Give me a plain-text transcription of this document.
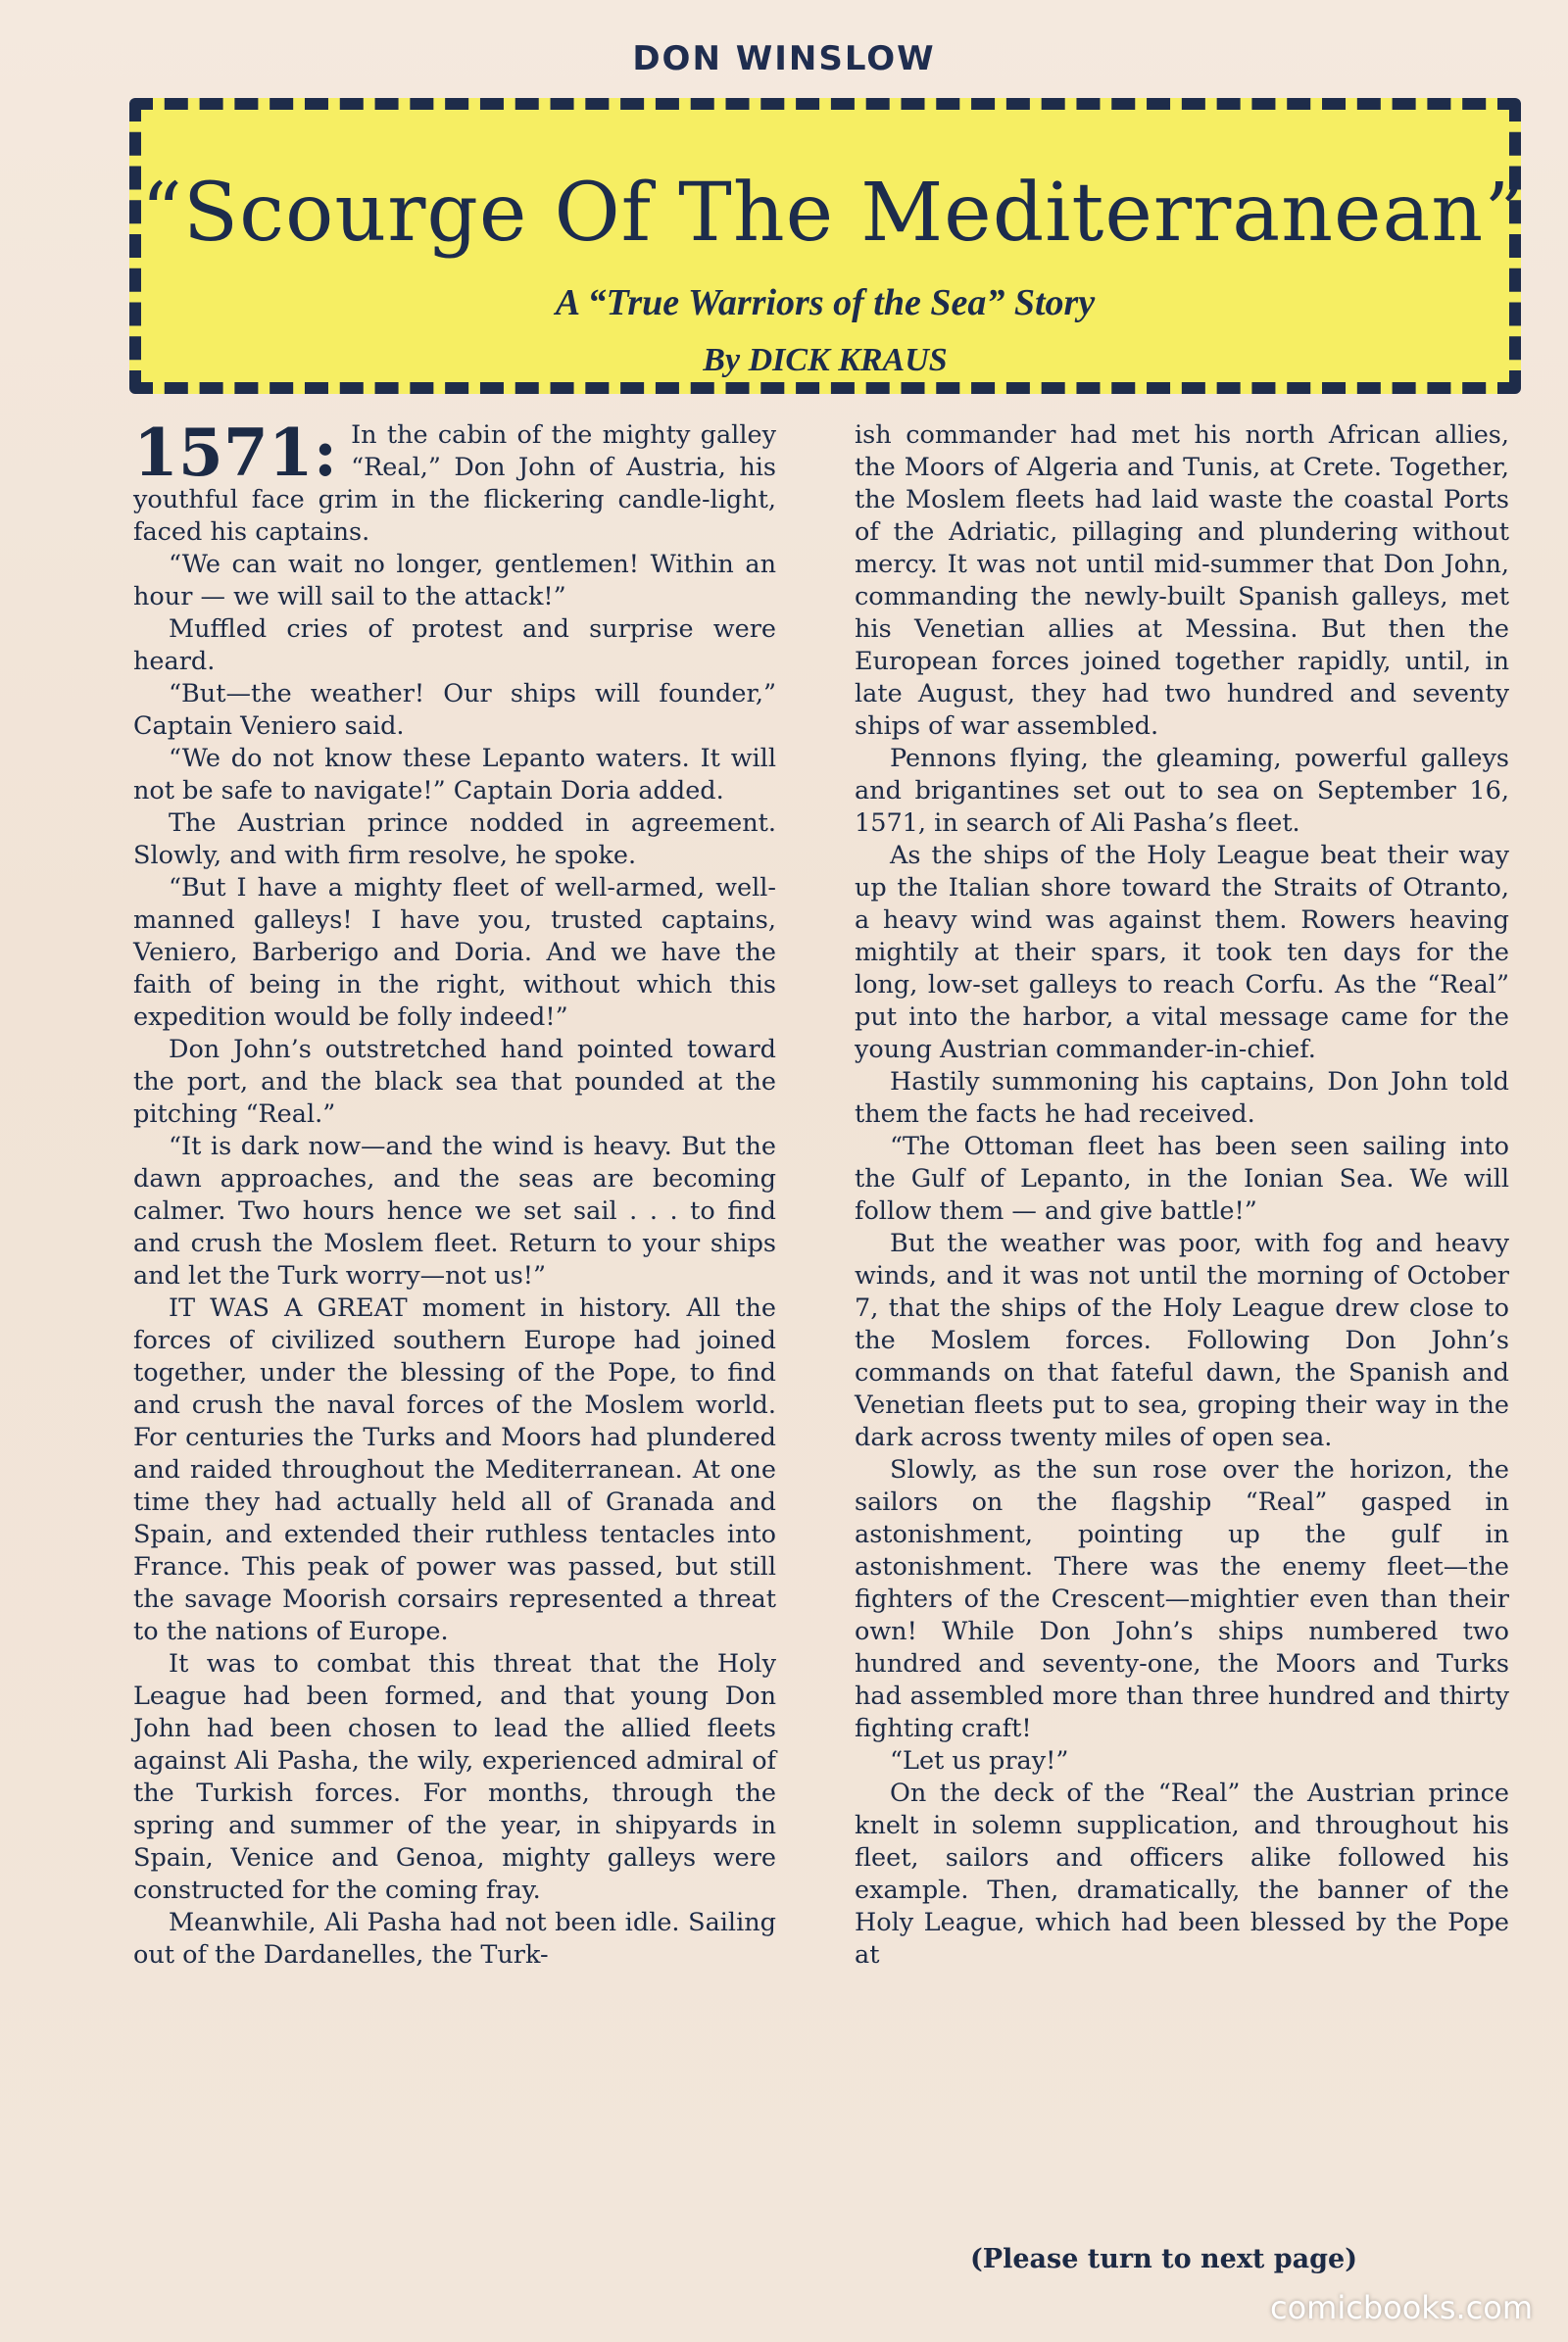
DON WINSLOW
“Scourge Of The Mediterranean”
A “True Warriors of the Sea” Story
By DICK KRAUS

1571: In the cabin of the mighty galley “Real,” Don John of Austria, his youthful face grim in the flickering candle-light, faced his captains.

“We can wait no longer, gentlemen! Within an hour — we will sail to the attack!”

Muffled cries of protest and surprise were heard.

“But—the weather! Our ships will founder,” Captain Veniero said.

“We do not know these Lepanto waters. It will not be safe to navigate!” Captain Doria added.

The Austrian prince nodded in agreement. Slowly, and with firm resolve, he spoke.

“But I have a mighty fleet of well-armed, well-manned galleys! I have you, trusted captains, Veniero, Barberigo and Doria. And we have the faith of being in the right, without which this expedition would be folly indeed!”

Don John’s outstretched hand pointed toward the port, and the black sea that pounded at the pitching “Real.”

“It is dark now—and the wind is heavy. But the dawn approaches, and the seas are becoming calmer. Two hours hence we set sail . . . to find and crush the Moslem fleet. Return to your ships and let the Turk worry—not us!”

IT WAS A GREAT moment in history. All the forces of civilized southern Europe had joined together, under the blessing of the Pope, to find and crush the naval forces of the Moslem world. For centuries the Turks and Moors had plundered and raided throughout the Mediterranean. At one time they had actually held all of Granada and Spain, and extended their ruthless tentacles into France. This peak of power was passed, but still the savage Moorish corsairs represented a threat to the nations of Europe.

It was to combat this threat that the Holy League had been formed, and that young Don John had been chosen to lead the allied fleets against Ali Pasha, the wily, experienced admiral of the Turkish forces. For months, through the spring and summer of the year, in shipyards in Spain, Venice and Genoa, mighty galleys were constructed for the coming fray.

Meanwhile, Ali Pasha had not been idle. Sailing out of the Dardanelles, the Turk-

ish commander had met his north African allies, the Moors of Algeria and Tunis, at Crete. Together, the Moslem fleets had laid waste the coastal Ports of the Adriatic, pillaging and plundering without mercy. It was not until mid-summer that Don John, commanding the newly-built Spanish galleys, met his Venetian allies at Messina. But then the European forces joined together rapidly, until, in late August, they had two hundred and seventy ships of war assembled.

Pennons flying, the gleaming, powerful galleys and brigantines set out to sea on September 16, 1571, in search of Ali Pasha’s fleet.

As the ships of the Holy League beat their way up the Italian shore toward the Straits of Otranto, a heavy wind was against them. Rowers heaving mightily at their spars, it took ten days for the long, low-set galleys to reach Corfu. As the “Real” put into the harbor, a vital message came for the young Austrian commander-in-chief.

Hastily summoning his captains, Don John told them the facts he had received.

“The Ottoman fleet has been seen sailing into the Gulf of Lepanto, in the Ionian Sea. We will follow them — and give battle!”

But the weather was poor, with fog and heavy winds, and it was not until the morning of October 7, that the ships of the Holy League drew close to the Moslem forces. Following Don John’s commands on that fateful dawn, the Spanish and Venetian fleets put to sea, groping their way in the dark across twenty miles of open sea.

Slowly, as the sun rose over the horizon, the sailors on the flagship “Real” gasped in astonishment, pointing up the gulf in astonishment. There was the enemy fleet—the fighters of the Crescent—mightier even than their own! While Don John’s ships numbered two hundred and seventy-one, the Moors and Turks had assembled more than three hundred and thirty fighting craft!

“Let us pray!”

On the deck of the “Real” the Austrian prince knelt in solemn supplication, and throughout his fleet, sailors and officers alike followed his example. Then, dramatically, the banner of the Holy League, which had been blessed by the Pope at

(Please turn to next page)
comicbooks.com
